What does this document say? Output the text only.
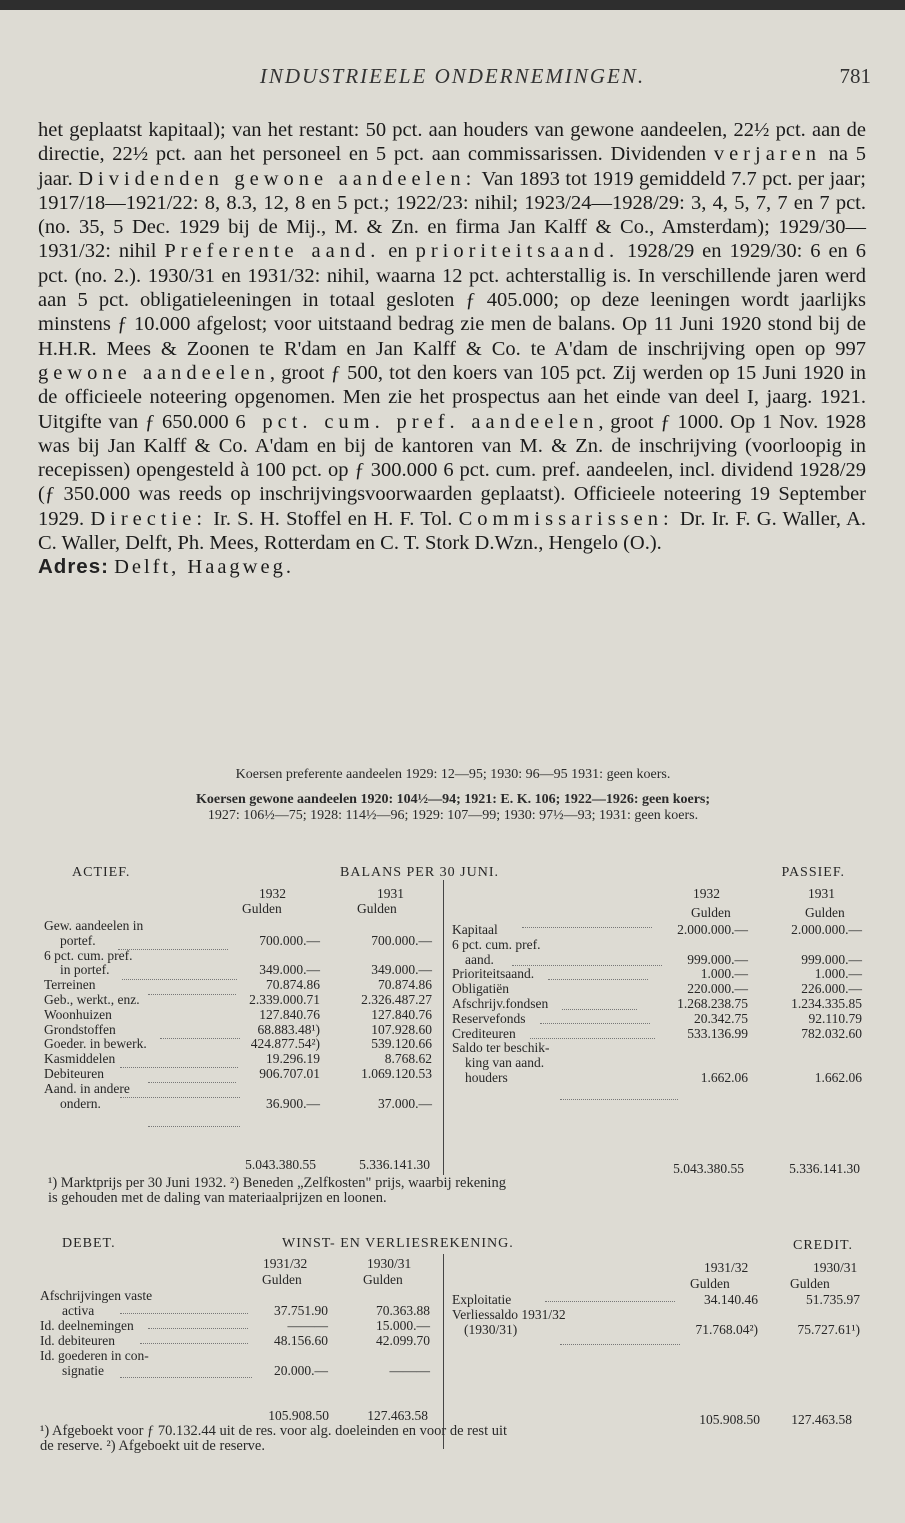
INDUSTRIEELE ONDERNEMINGEN.	781

het geplaatst kapitaal); van het restant: 50 pct. aan houders van gewone aandeelen, 22½ pct. aan de directie, 22½ pct. aan het personeel en 5 pct. aan commissarissen. Dividenden verjaren na 5 jaar. Dividenden gewone aandeelen: Van 1893 tot 1919 gemiddeld 7.7 pct. per jaar; 1917/18—1921/22: 8, 8.3, 12, 8 en 5 pct.; 1922/23: nihil; 1923/24—1928/29: 3, 4, 5, 7, 7 en 7 pct. (no. 35, 5 Dec. 1929 bij de Mij., M. & Zn. en firma Jan Kalff & Co., Amsterdam); 1929/30—1931/32: nihil Preferente aand. en prioriteitsaand. 1928/29 en 1929/30: 6 en 6 pct. (no. 2.). 1930/31 en 1931/32: nihil, waarna 12 pct. achterstallig is. In verschillende jaren werd aan 5 pct. obligatieleeningen in totaal gesloten ƒ 405.000; op deze leeningen wordt jaarlijks minstens ƒ 10.000 afgelost; voor uitstaand bedrag zie men de balans. Op 11 Juni 1920 stond bij de H.H.R. Mees & Zoonen te R'dam en Jan Kalff & Co. te A'dam de inschrijving open op 997 gewone aandeelen, groot ƒ 500, tot den koers van 105 pct. Zij werden op 15 Juni 1920 in de officieele noteering opgenomen. Men zie het prospectus aan het einde van deel I, jaarg. 1921. Uitgifte van ƒ 650.000 6 pct. cum. pref. aandeelen, groot ƒ 1000. Op 1 Nov. 1928 was bij Jan Kalff & Co. A'dam en bij de kantoren van M. & Zn. de inschrijving (voorloopig in recepissen) opengesteld à 100 pct. op ƒ 300.000 6 pct. cum. pref. aandeelen, incl. dividend 1928/29 (ƒ 350.000 was reeds op inschrijvingsvoorwaarden geplaatst). Officieele noteering 19 September 1929. Directie: Ir. S. H. Stoffel en H. F. Tol. Commissarissen: Dr. Ir. F. G. Waller, A. C. Waller, Delft, Ph. Mees, Rotterdam en C. T. Stork D.Wzn., Hengelo (O.).

Adres: Delft, Haagweg.

Koersen preferente aandeelen 1929: 12—95; 1930: 96—95 1931: geen koers.
Koersen gewone aandeelen 1920: 104½—94; 1921: E. K. 106; 1922—1926: geen koers;
1927: 106½—75; 1928: 114½—96; 1929: 107—99; 1930: 97½—93; 1931: geen koers.
ACTIEF.	BALANS PER 30 JUNI.	PASSIEF.
1932	1931
Gulden	Gulden
1932	1931
Gulden	Gulden
Gew. aandeelen in
portef.	700.000.—	700.000.—
6 pct. cum. pref.
in portef.	349.000.—	349.000.—
Terreinen	70.874.86	70.874.86
Geb., werkt., enz.	2.339.000.71	2.326.487.27
Woonhuizen	127.840.76	127.840.76
Grondstoffen	68.883.48¹)	107.928.60
Goeder. in bewerk.	424.877.54²)	539.120.66
Kasmiddelen	19.296.19	8.768.62
Debiteuren	906.707.01	1.069.120.53
Aand. in andere
ondern.	36.900.—	37.000.—
5.043.380.55	5.336.141.30
Kapitaal	2.000.000.—	2.000.000.—
6 pct. cum. pref.
aand.	999.000.—	999.000.—
Prioriteitsaand.	1.000.—	1.000.—
Obligatiën	220.000.—	226.000.—
Afschrijv.fondsen	1.268.238.75	1.234.335.85
Reservefonds	20.342.75	92.110.79
Crediteuren	533.136.99	782.032.60
Saldo ter beschik-
king van aand.
houders	1.662.06	1.662.06
5.043.380.55	5.336.141.30
¹) Marktprijs per 30 Juni 1932. ²) Beneden „Zelfkosten" prijs, waarbij rekening
is gehouden met de daling van materiaalprijzen en loonen.
DEBET.	WINST- EN VERLIESREKENING.	CREDIT.
1931/32	1930/31
Gulden	Gulden
1931/32	1930/31
Gulden	Gulden
Afschrijvingen vaste
activa	37.751.90	70.363.88
Id. deelnemingen	———	15.000.—
Id. debiteuren	48.156.60	42.099.70
Id. goederen in con-
signatie	20.000.—	———
105.908.50	127.463.58
Exploitatie	34.140.46	51.735.97
Verliessaldo 1931/32
(1930/31)	71.768.04²)	75.727.61¹)
105.908.50 127.463.58
¹) Afgeboekt voor ƒ 70.132.44 uit de res. voor alg. doeleinden en voor de rest uit
de reserve. ²) Afgeboekt uit de reserve.
